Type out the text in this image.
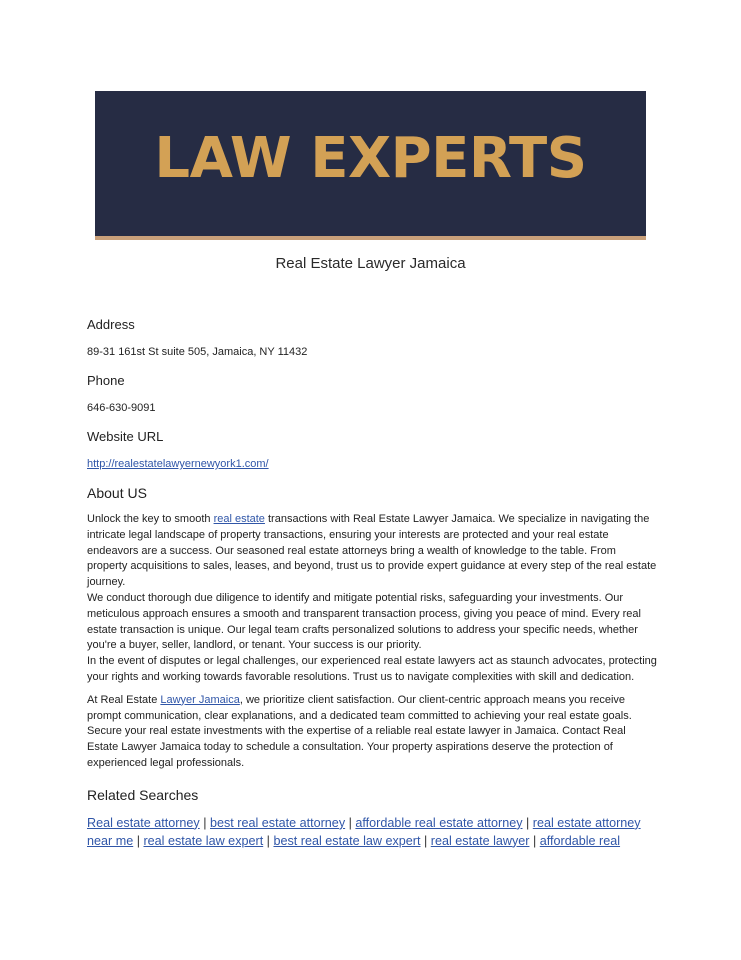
LAW EXPERTS
Real Estate Lawyer Jamaica
Address
89-31 161st St suite 505, Jamaica, NY 11432
Phone
646-630-9091
Website URL
http://realestatelawyernewyork1.com/
About US

Unlock the key to smooth real estate transactions with Real Estate Lawyer Jamaica. We specialize in navigating the intricate legal landscape of property transactions, ensuring your interests are protected and your real estate endeavors are a success. Our seasoned real estate attorneys bring a wealth of knowledge to the table. From property acquisitions to sales, leases, and beyond, trust us to provide expert guidance at every step of the real estate journey.

We conduct thorough due diligence to identify and mitigate potential risks, safeguarding your investments. Our meticulous approach ensures a smooth and transparent transaction process, giving you peace of mind. Every real estate transaction is unique. Our legal team crafts personalized solutions to address your specific needs, whether you're a buyer, seller, landlord, or tenant. Your success is our priority.

In the event of disputes or legal challenges, our experienced real estate lawyers act as staunch advocates, protecting your rights and working towards favorable resolutions. Trust us to navigate complexities with skill and dedication.

At Real Estate Lawyer Jamaica, we prioritize client satisfaction. Our client-centric approach means you receive prompt communication, clear explanations, and a dedicated team committed to achieving your real estate goals. Secure your real estate investments with the expertise of a reliable real estate lawyer in Jamaica. Contact Real Estate Lawyer Jamaica today to schedule a consultation. Your property aspirations deserve the protection of experienced legal professionals.

Related Searches
Real estate attorney | best real estate attorney | affordable real estate attorney | real estate attorney near me | real estate law expert | best real estate law expert | real estate lawyer | affordable real
